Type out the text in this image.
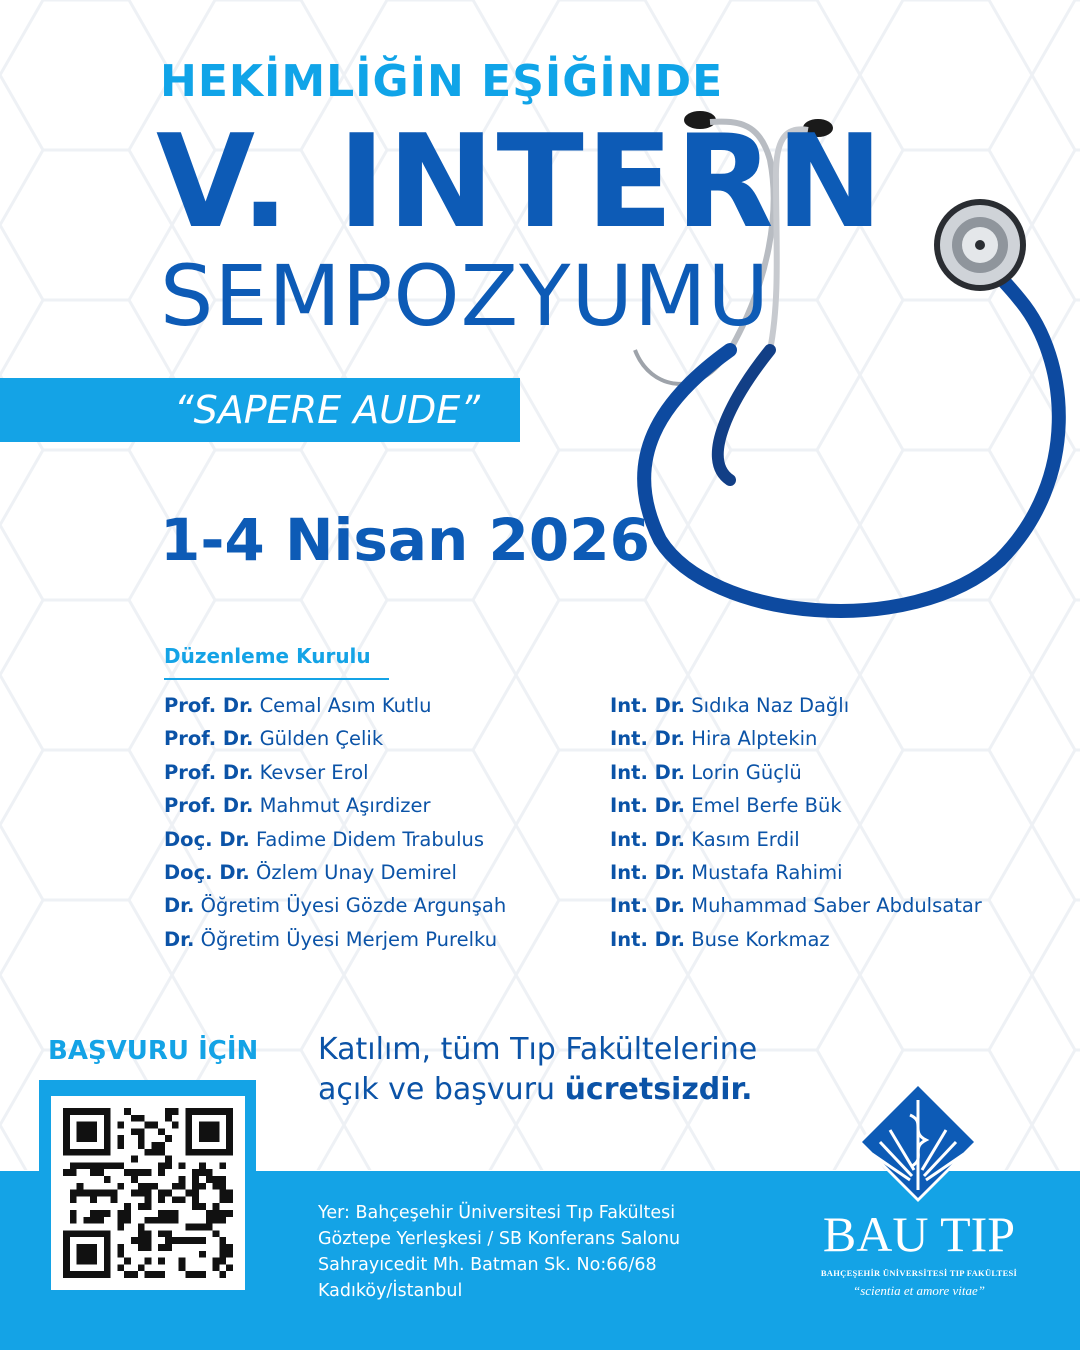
HEKİMLİĞİN EŞİĞİNDE
V. INTERN
SEMPOZYUMU
“SAPERE AUDE”
1-4 Nisan 2026
Düzenleme Kurulu
Prof. Dr. Cemal Asım Kutlu
Prof. Dr. Gülden Çelik
Prof. Dr. Kevser Erol
Prof. Dr. Mahmut Aşırdizer
Doç. Dr. Fadime Didem Trabulus
Doç. Dr. Özlem Unay Demirel
Dr. Öğretim Üyesi Gözde Argunşah
Dr. Öğretim Üyesi Merjem Purelku
Int. Dr. Sıdıka Naz Dağlı
Int. Dr. Hira Alptekin
Int. Dr. Lorin Güçlü
Int. Dr. Emel Berfe Bük
Int. Dr. Kasım Erdil
Int. Dr. Mustafa Rahimi
Int. Dr. Muhammad Saber Abdulsatar
Int. Dr. Buse Korkmaz
BAŞVURU İÇİN Katılım, tüm Tıp Fakültelerine
açık ve başvuru ücretsizdir.
Yer: Bahçeşehir Üniversitesi Tıp Fakültesi
Göztepe Yerleşkesi / SB Konferans Salonu
Sahrayıcedit Mh. Batman Sk. No:66/68
Kadıköy/İstanbul
BAU TIP
BAHÇEŞEHİR ÜNİVERSİTESİ TIP FAKÜLTESİ
“scientia et amore vitae”
